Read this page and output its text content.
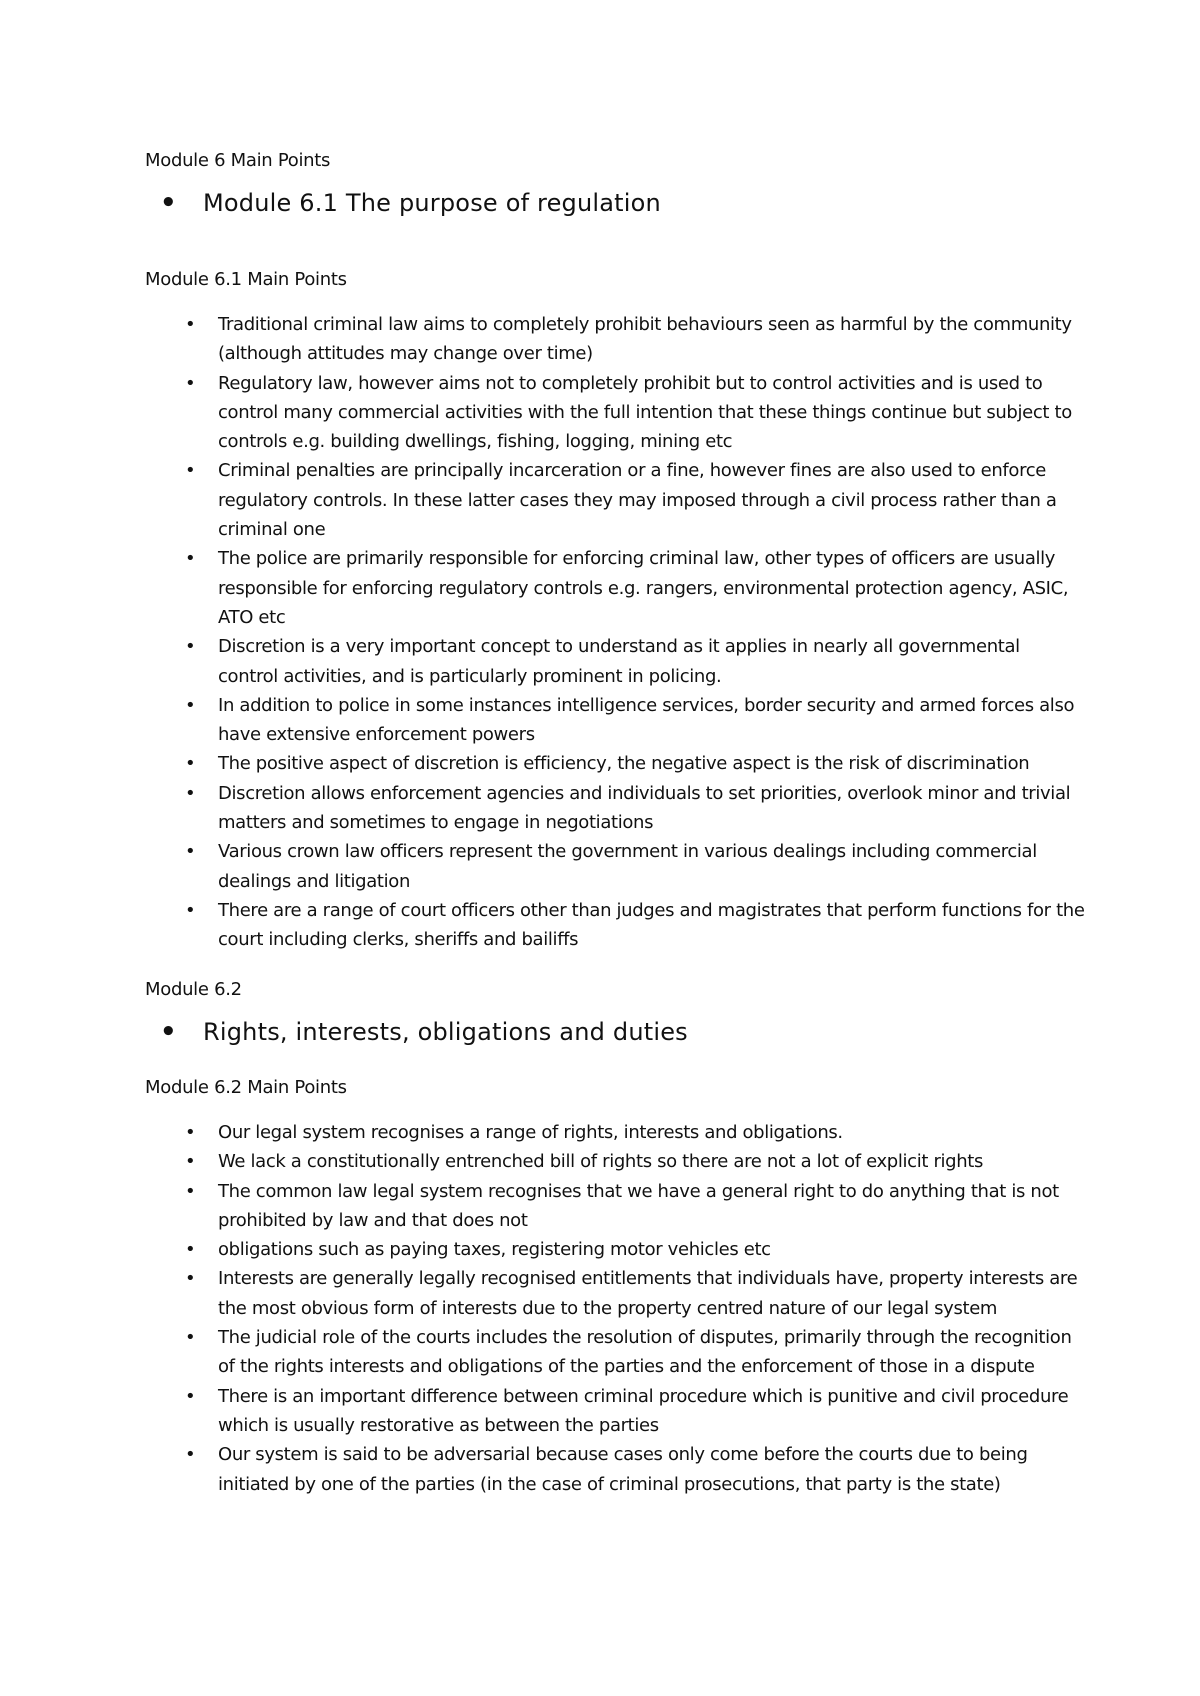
Module 6 Main Points
• Module 6.1 The purpose of regulation
Module 6.1 Main Points
• Traditional criminal law aims to completely prohibit behaviours seen as harmful by the community (although attitudes may change over time)
• Regulatory law, however aims not to completely prohibit but to control activities and is used to control many commercial activities with the full intention that these things continue but subject to controls e.g. building dwellings, fishing, logging, mining etc
• Criminal penalties are principally incarceration or a fine, however fines are also used to enforce regulatory controls. In these latter cases they may imposed through a civil process rather than a criminal one
• The police are primarily responsible for enforcing criminal law, other types of officers are usually responsible for enforcing regulatory controls e.g. rangers, environmental protection agency, ASIC, ATO etc
• Discretion is a very important concept to understand as it applies in nearly all governmental control activities, and is particularly prominent in policing.
• In addition to police in some instances intelligence services, border security and armed forces also have extensive enforcement powers
• The positive aspect of discretion is efficiency, the negative aspect is the risk of discrimination
• Discretion allows enforcement agencies and individuals to set priorities, overlook minor and trivial matters and sometimes to engage in negotiations
• Various crown law officers represent the government in various dealings including commercial dealings and litigation
• There are a range of court officers other than judges and magistrates that perform functions for the court including clerks, sheriffs and bailiffs
Module 6.2
• Rights, interests, obligations and duties
Module 6.2 Main Points
• Our legal system recognises a range of rights, interests and obligations.
• We lack a constitutionally entrenched bill of rights so there are not a lot of explicit rights
• The common law legal system recognises that we have a general right to do anything that is not prohibited by law and that does not
• obligations such as paying taxes, registering motor vehicles etc
• Interests are generally legally recognised entitlements that individuals have, property interests are the most obvious form of interests due to the property centred nature of our legal system
• The judicial role of the courts includes the resolution of disputes, primarily through the recognition of the rights interests and obligations of the parties and the enforcement of those in a dispute
• There is an important difference between criminal procedure which is punitive and civil procedure which is usually restorative as between the parties
• Our system is said to be adversarial because cases only come before the courts due to being initiated by one of the parties (in the case of criminal prosecutions, that party is the state)
